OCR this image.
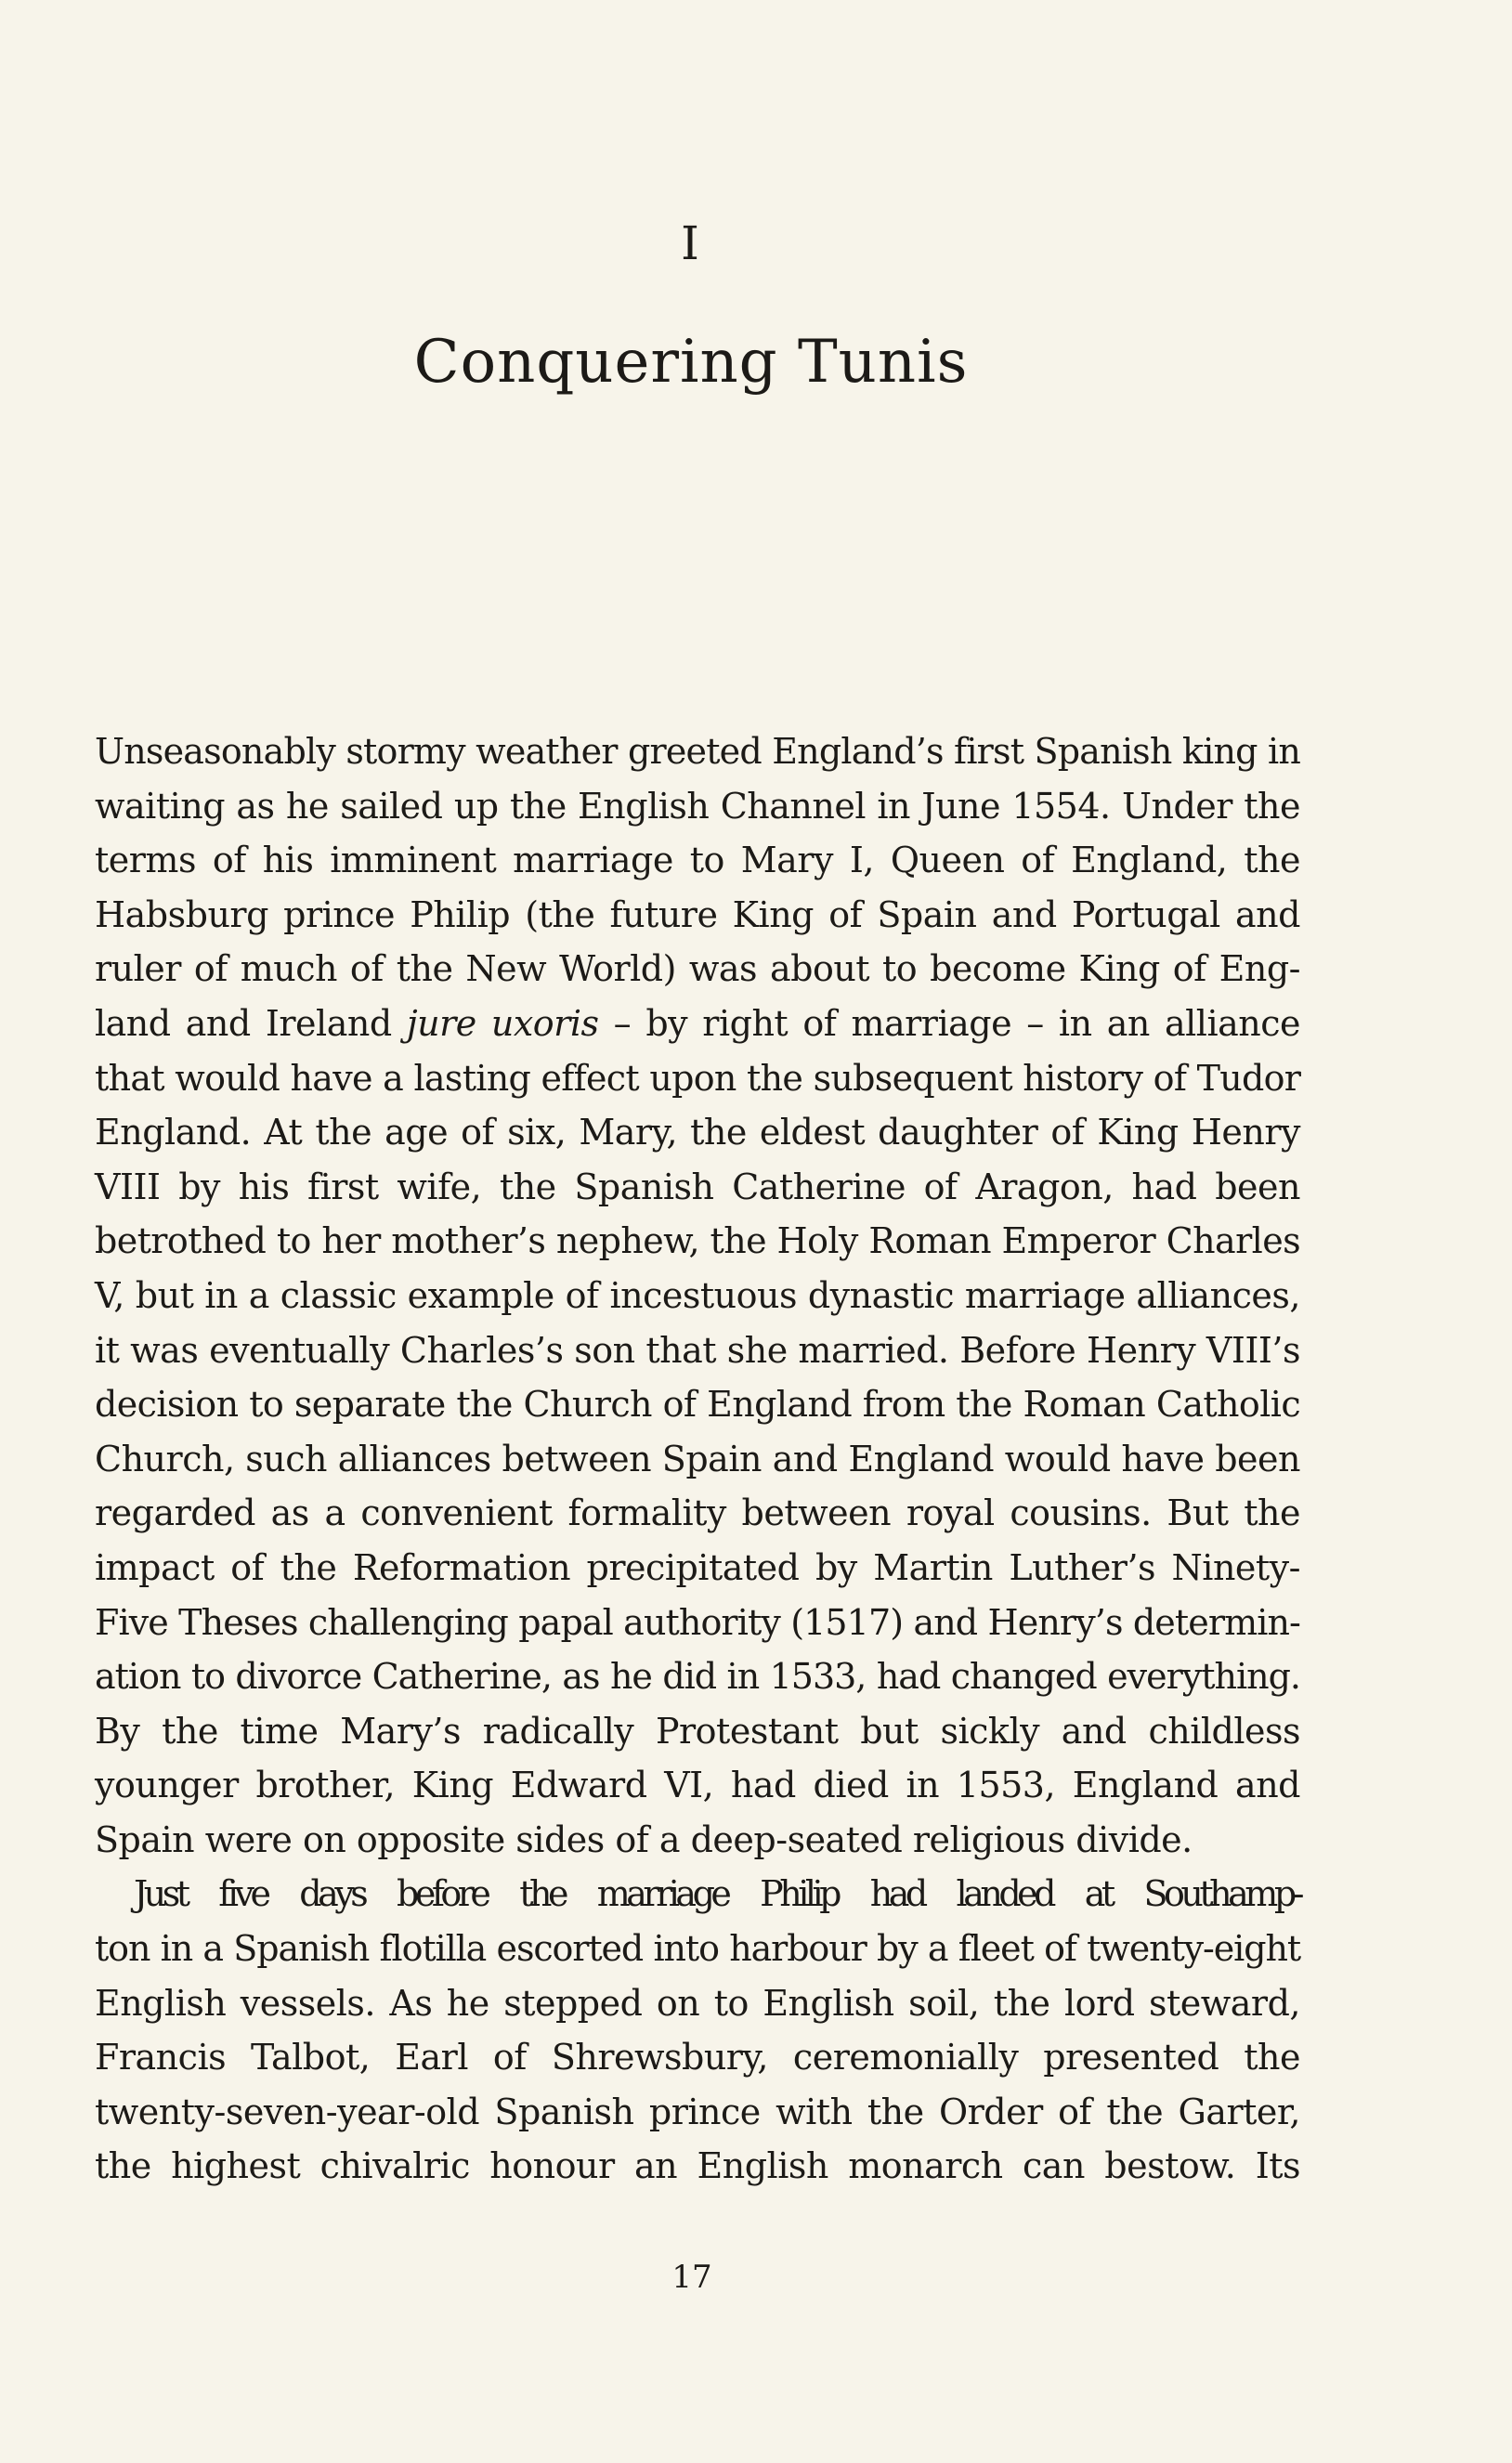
I
Conquering Tunis

Unseasonably stormy weather greeted England’s first Spanish king in
waiting as he sailed up the English Channel in June 1554. Under the
terms of his imminent marriage to Mary I, Queen of England, the
Habsburg prince Philip (the future King of Spain and Portugal and
ruler of much of the New World) was about to become King of Eng-
land and Ireland jure uxoris – by right of marriage – in an alliance
that would have a lasting effect upon the subsequent history of Tudor
England. At the age of six, Mary, the eldest daughter of King Henry
VIII by his first wife, the Spanish Catherine of Aragon, had been
betrothed to her mother’s nephew, the Holy Roman Emperor Charles
V, but in a classic example of incestuous dynastic marriage alliances,
it was eventually Charles’s son that she married. Before Henry VIII’s
decision to separate the Church of England from the Roman Catholic
Church, such alliances between Spain and England would have been
regarded as a convenient formality between royal cousins. But the
impact of the Reformation precipitated by Martin Luther’s Ninety-
Five Theses challenging papal authority (1517) and Henry’s determin-
ation to divorce Catherine, as he did in 1533, had changed everything.
By the time Mary’s radically Protestant but sickly and childless
younger brother, King Edward VI, had died in 1553, England and
Spain were on opposite sides of a deep-seated religious divide.

Just five days before the marriage Philip had landed at Southamp-
ton in a Spanish flotilla escorted into harbour by a fleet of twenty-eight
English vessels. As he stepped on to English soil, the lord steward,
Francis Talbot, Earl of Shrewsbury, ceremonially presented the
twenty-seven-year-old Spanish prince with the Order of the Garter,
the highest chivalric honour an English monarch can bestow. Its

17
